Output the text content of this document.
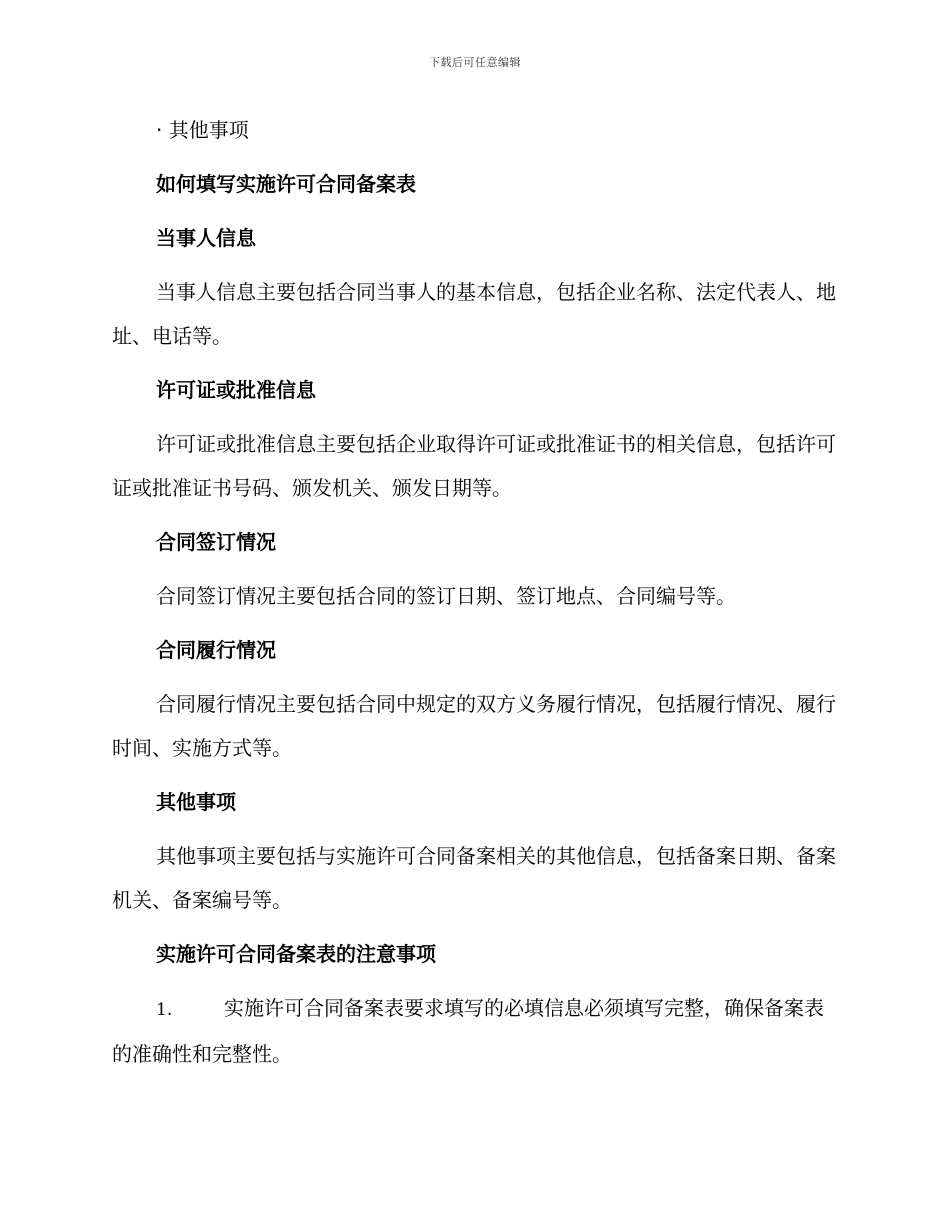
下载后可任意编辑

· 其他事项

如何填写实施许可合同备案表

当事人信息

当事人信息主要包括合同当事人的基本信息，包括企业名称、法定代表人、地址、电话等。

许可证或批准信息

许可证或批准信息主要包括企业取得许可证或批准证书的相关信息，包括许可证或批准证书号码、颁发机关、颁发日期等。

合同签订情况

合同签订情况主要包括合同的签订日期、签订地点、合同编号等。

合同履行情况

合同履行情况主要包括合同中规定的双方义务履行情况，包括履行情况、履行时间、实施方式等。

其他事项

其他事项主要包括与实施许可合同备案相关的其他信息，包括备案日期、备案机关、备案编号等。

实施许可合同备案表的注意事项

1.	实施许可合同备案表要求填写的必填信息必须填写完整，确保备案表的准确性和完整性。
